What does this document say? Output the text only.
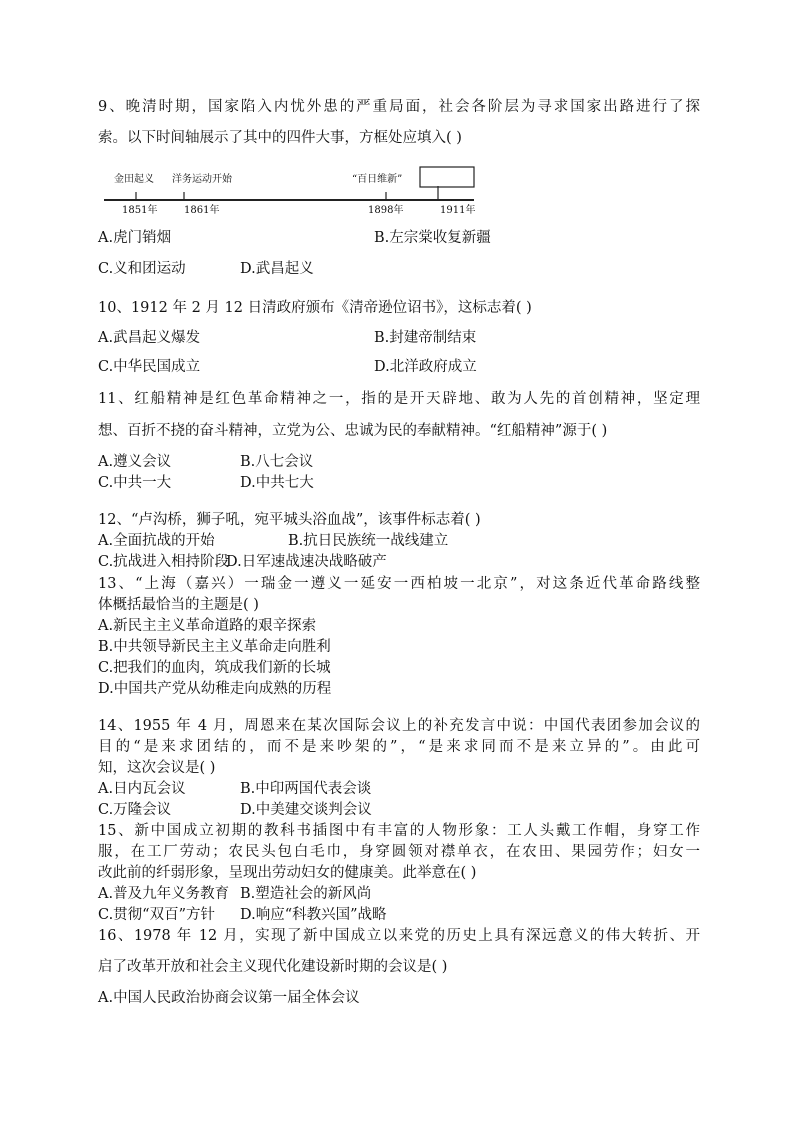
9、晚清时期，国家陷入内忧外患的严重局面，社会各阶层为寻求国家出路进行了探
索。以下时间轴展示了其中的四件大事，方框处应填入( )
金田起义 洋务运动开始	“百日维新”
1851年	1861年	1898年	1911年
A.虎门销烟	B.左宗棠收复新疆
C.义和团运动	D.武昌起义
10、1912 年 2 月 12 日清政府颁布《清帝逊位诏书》，这标志着( )
A.武昌起义爆发	B.封建帝制结束
C.中华民国成立	D.北洋政府成立
11、红船精神是红色革命精神之一，指的是开天辟地、敢为人先的首创精神，坚定理
想、百折不挠的奋斗精神，立党为公、忠诚为民的奉献精神。“红船精神”源于( )
A.遵义会议	B.八七会议
C.中共一大	D.中共七大
12、“卢沟桥，狮子吼，宛平城头浴血战”，该事件标志着( )
A.全面抗战的开始	B.抗日民族统一战线建立
C.抗战进入相持阶段
D.日军速战速决战略破产
13、“上海（嘉兴）一瑞金一遵义一延安一西柏坡一北京”，对这条近代革命路线整
体概括最恰当的主题是( )
A.新民主主义革命道路的艰辛探索
B.中共领导新民主主义革命走向胜利
C.把我们的血肉，筑成我们新的长城
D.中国共产党从幼稚走向成熟的历程
14、1955 年 4 月，周恩来在某次国际会议上的补充发言中说：中国代表团参加会议的
目的“是来求团结的，而不是来吵架的”，“是来求同而不是来立异的”。由此可
知，这次会议是( )
A.日内瓦会议	B.中印两国代表会谈
C.万隆会议	D.中美建交谈判会议
15、新中国成立初期的教科书插图中有丰富的人物形象：工人头戴工作帽，身穿工作
服，在工厂劳动；农民头包白毛巾，身穿圆领对襟单衣，在农田、果园劳作；妇女一
改此前的纤弱形象，呈现出劳动妇女的健康美。此举意在( )
A.普及九年义务教育 B.塑造社会的新风尚
C.贯彻“双百”方针 D.响应“科教兴国”战略
16、1978 年 12 月，实现了新中国成立以来党的历史上具有深远意义的伟大转折、开
启了改革开放和社会主义现代化建设新时期的会议是( )
A.中国人民政治协商会议第一届全体会议
